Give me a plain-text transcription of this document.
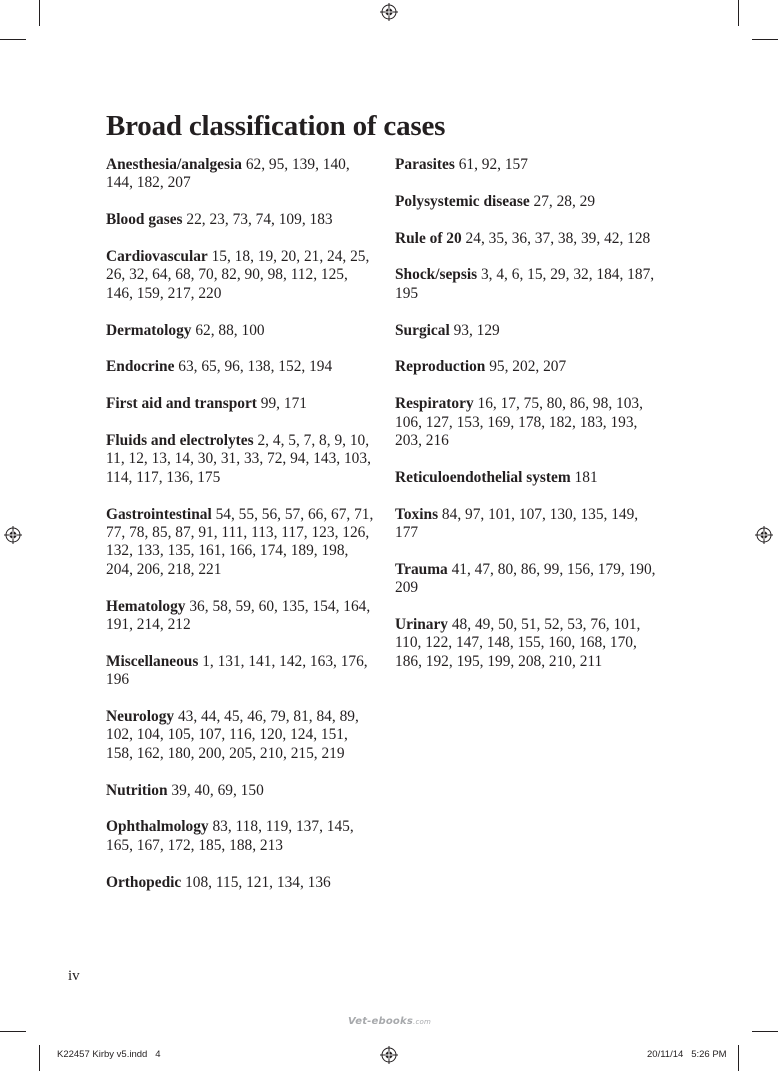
Broad classification of cases

Anesthesia/analgesia 62, 95, 139, 140, 144, 182, 207

Blood gases 22, 23, 73, 74, 109, 183

Cardiovascular 15, 18, 19, 20, 21, 24, 25, 26, 32, 64, 68, 70, 82, 90, 98, 112, 125, 146, 159, 217, 220

Dermatology 62, 88, 100

Endocrine 63, 65, 96, 138, 152, 194

First aid and transport 99, 171

Fluids and electrolytes 2, 4, 5, 7, 8, 9, 10, 11, 12, 13, 14, 30, 31, 33, 72, 94, 143, 103, 114, 117, 136, 175

Gastrointestinal 54, 55, 56, 57, 66, 67, 71, 77, 78, 85, 87, 91, 111, 113, 117, 123, 126, 132, 133, 135, 161, 166, 174, 189, 198, 204, 206, 218, 221

Hematology 36, 58, 59, 60, 135, 154, 164, 191, 214, 212

Miscellaneous 1, 131, 141, 142, 163, 176, 196

Neurology 43, 44, 45, 46, 79, 81, 84, 89, 102, 104, 105, 107, 116, 120, 124, 151, 158, 162, 180, 200, 205, 210, 215, 219

Nutrition 39, 40, 69, 150

Ophthalmology 83, 118, 119, 137, 145, 165, 167, 172, 185, 188, 213

Orthopedic 108, 115, 121, 134, 136

Parasites 61, 92, 157

Polysystemic disease 27, 28, 29

Rule of 20 24, 35, 36, 37, 38, 39, 42, 128

Shock/sepsis 3, 4, 6, 15, 29, 32, 184, 187, 195

Surgical 93, 129

Reproduction 95, 202, 207

Respiratory 16, 17, 75, 80, 86, 98, 103, 106, 127, 153, 169, 178, 182, 183, 193, 203, 216

Reticuloendothelial system 181

Toxins 84, 97, 101, 107, 130, 135, 149, 177

Trauma 41, 47, 80, 86, 99, 156, 179, 190, 209

Urinary 48, 49, 50, 51, 52, 53, 76, 101, 110, 122, 147, 148, 155, 160, 168, 170, 186, 192, 195, 199, 208, 210, 211

iv
Vet-ebooks.com
K22457 Kirby v5.indd   4	20/11/14   5:26 PM
